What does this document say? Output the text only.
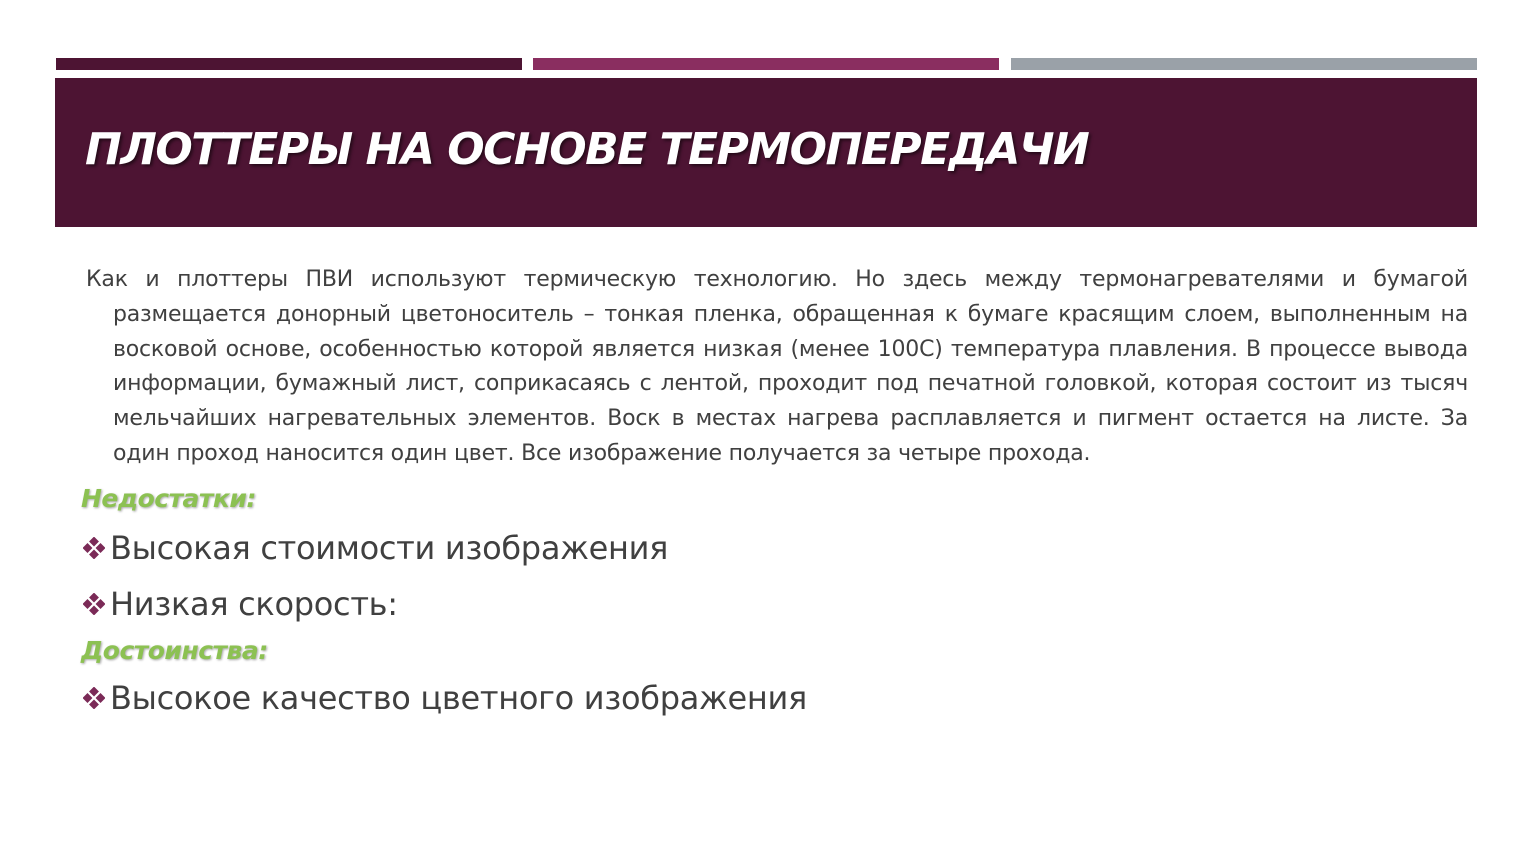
ПЛОТТЕРЫ НА ОСНОВЕ ТЕРМОПЕРЕДАЧИ

Как и плоттеры ПВИ используют термическую технологию. Но здесь между термонагревателями и бумагой размещается донорный цветоноситель – тонкая пленка, обращенная к бумаге красящим слоем, выполненным на восковой основе, особенностью которой является низкая (менее 100С) температура плавления. В процессе вывода информации, бумажный лист, соприкасаясь с лентой, проходит под печатной головкой, которая состоит из тысяч мельчайших нагревательных элементов. Воск в местах нагрева расплавляется и пигмент остается на листе. За один проход наносится один цвет. Все изображение получается за четыре прохода.

Недостатки:
Высокая стоимости изображения
Низкая скорость:
Достоинства:
Высокое качество цветного изображения
